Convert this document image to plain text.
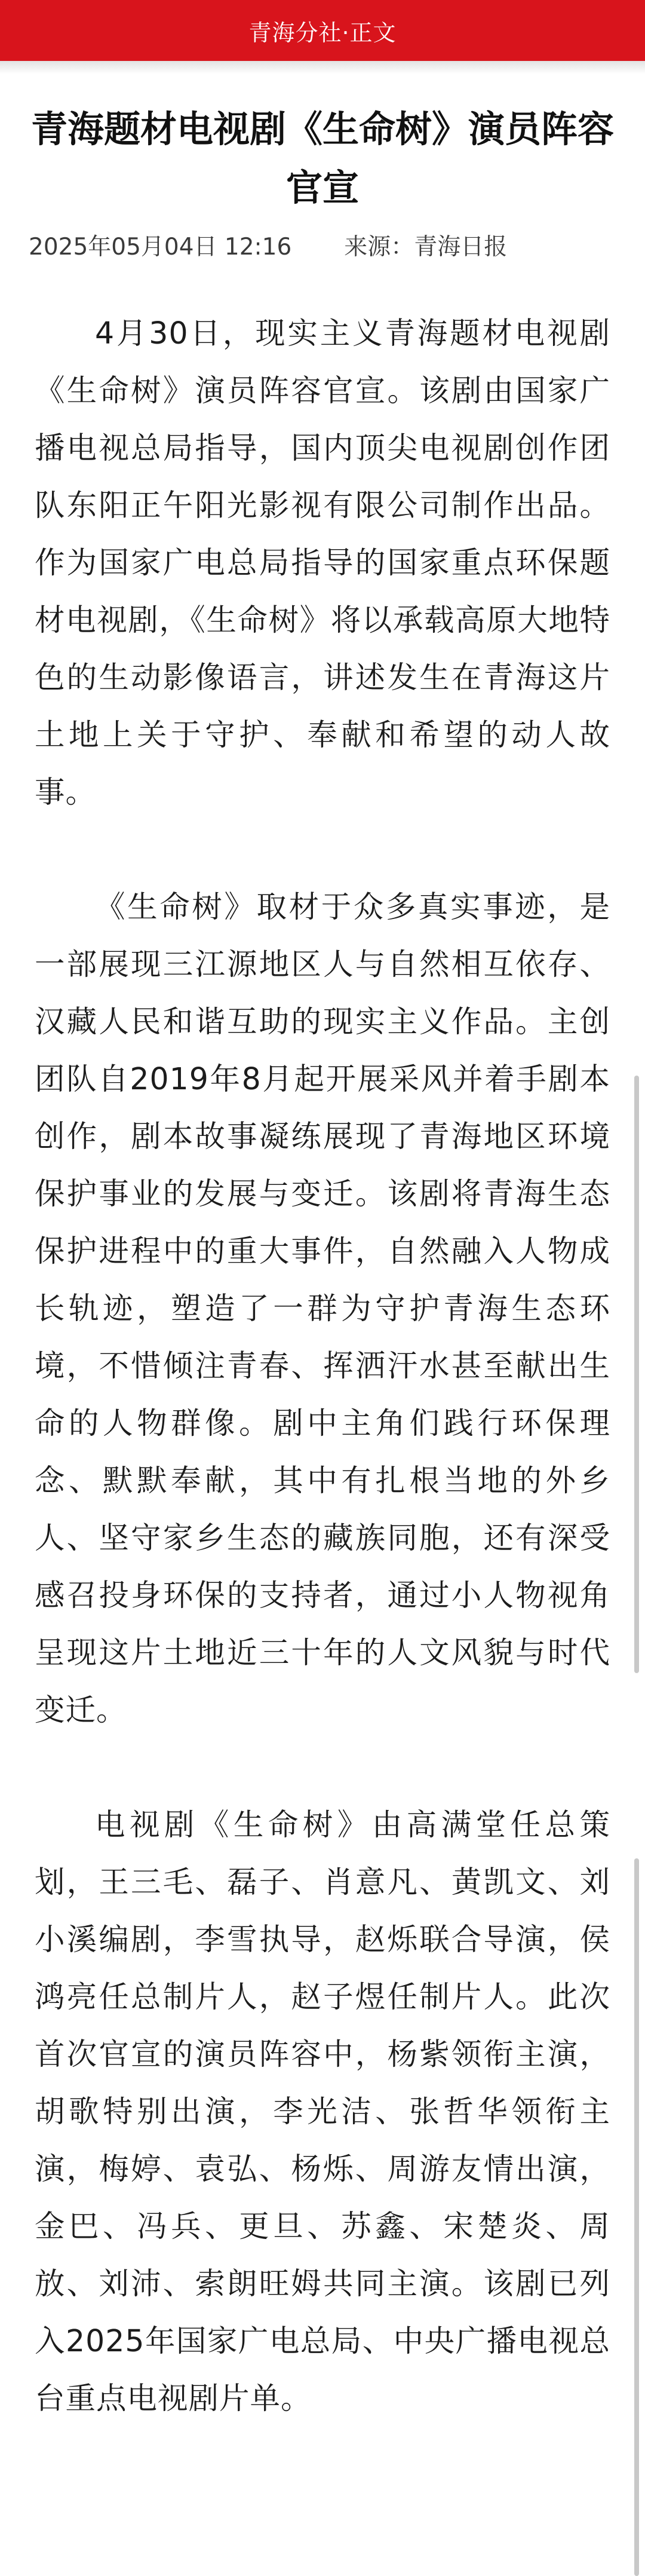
青海分社·正文
青海题材电视剧《生命树》演员阵容官宣
2025年05月04日 12:16 来源：青海日报

4月30日，现实主义青海题材电视剧《生命树》演员阵容官宣。该剧由国家广播电视总局指导，国内顶尖电视剧创作团队东阳正午阳光影视有限公司制作出品。作为国家广电总局指导的国家重点环保题材电视剧，《生命树》将以承载高原大地特色的生动影像语言，讲述发生在青海这片土地上关于守护、奉献和希望的动人故事。

《生命树》取材于众多真实事迹，是一部展现三江源地区人与自然相互依存、汉藏人民和谐互助的现实主义作品。主创团队自2019年8月起开展采风并着手剧本创作，剧本故事凝练展现了青海地区环境保护事业的发展与变迁。该剧将青海生态保护进程中的重大事件，自然融入人物成长轨迹，塑造了一群为守护青海生态环境，不惜倾注青春、挥洒汗水甚至献出生命的人物群像。剧中主角们践行环保理念、默默奉献，其中有扎根当地的外乡人、坚守家乡生态的藏族同胞，还有深受感召投身环保的支持者，通过小人物视角呈现这片土地近三十年的人文风貌与时代变迁。

电视剧《生命树》由高满堂任总策划，王三毛、磊子、肖意凡、黄凯文、刘小溪编剧，李雪执导，赵烁联合导演，侯鸿亮任总制片人，赵子煜任制片人。此次首次官宣的演员阵容中，杨紫领衔主演，胡歌特别出演，李光洁、张哲华领衔主演，梅婷、袁弘、杨烁、周游友情出演，金巴、冯兵、更旦、苏鑫、宋楚炎、周放、刘沛、索朗旺姆共同主演。该剧已列入2025年国家广电总局、中央广播电视总台重点电视剧片单。
